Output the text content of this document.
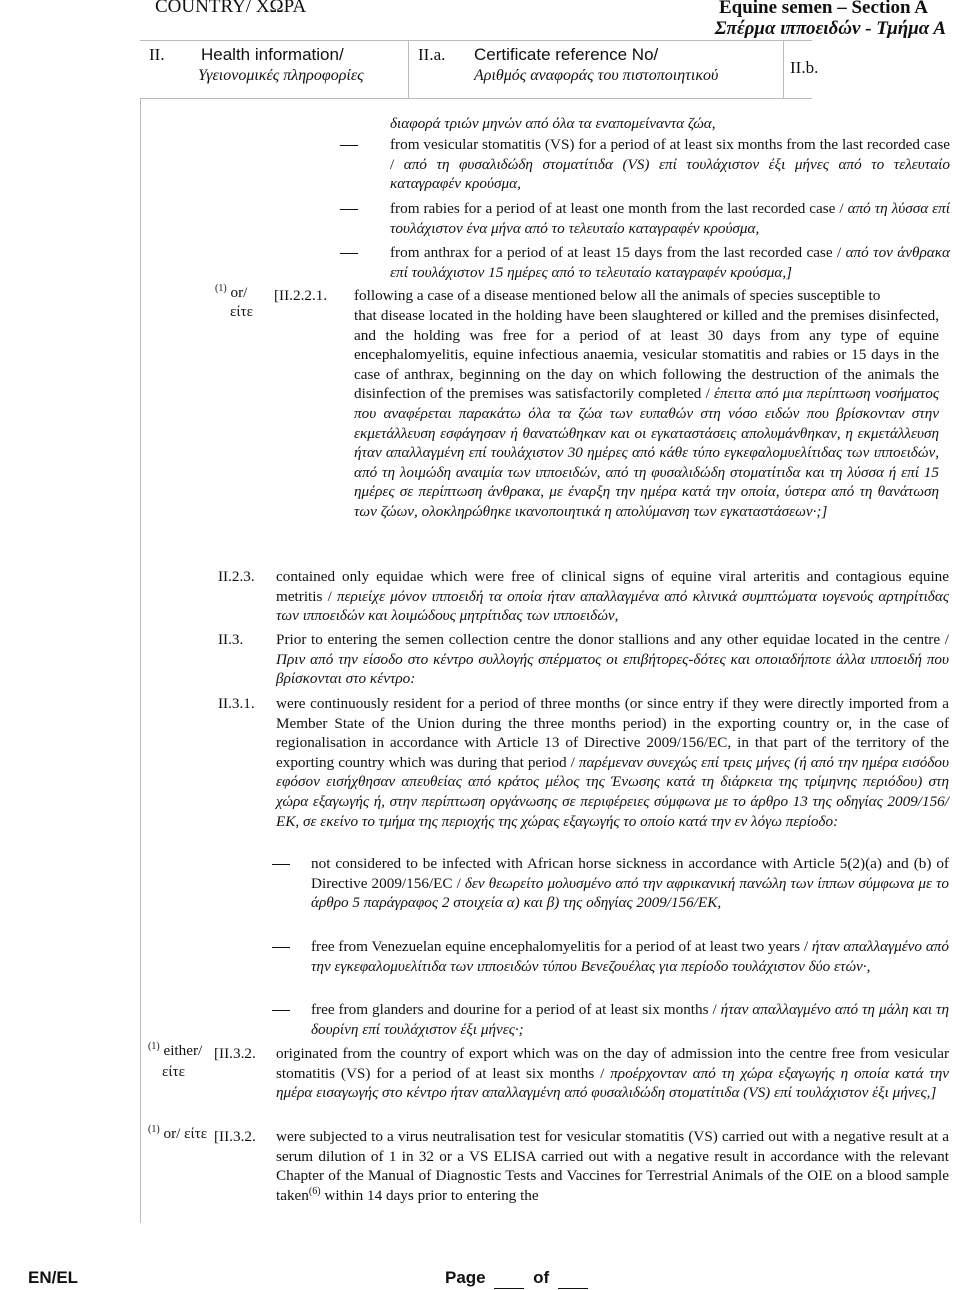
COUNTRY/ ΧΩΡΑ	Equine semen – Section A
Σπέρμα ιπποειδών - Τμήμα Α
II. Health information/
Υγειονομικές πληροφορίες
II.a. Certificate reference No/
Αριθμός αναφοράς του πιστοποιητικού	II.b.
διαφορά τριών μηνών από όλα τα εναπομείναντα ζώα,
from vesicular stomatitis (VS) for a period of at least six months from the last recorded case / από τη φυσαλιδώδη στοματίτιδα (VS) επί τουλάχιστον έξι μήνες από το τελευταίο καταγραφέν κρούσμα,
from rabies for a period of at least one month from the last recorded case / από τη λύσσα επί τουλάχιστον ένα μήνα από το τελευταίο καταγραφέν κρούσμα,
from anthrax for a period of at least 15 days from the last recorded case / από τον άνθρακα επί τουλάχιστον 15 ημέρες από το τελευταίο καταγραφέν κρούσμα,]
$^{(1)}$ or/
είτε
[II.2.2.1. following a case of a disease mentioned below all the animals of species susceptible to
that disease located in the holding have been slaughtered or killed and the premises disinfected, and the holding was free for a period of at least 30 days from any type of equine encephalomyelitis, equine infectious anaemia, vesicular stomatitis and rabies or 15 days in the case of anthrax, beginning on the day on which following the destruction of the animals the disinfection of the premises was satisfactorily completed / έπειτα από μια περίπτωση νοσήματος που αναφέρεται παρακάτω όλα τα ζώα των ευπαθών στη νόσο ειδών που βρίσκονταν στην εκμετάλλευση εσφάγησαν ή θανατώθηκαν και οι εγκαταστάσεις απολυμάνθηκαν, η εκμετάλλευση ήταν απαλλαγμένη επί τουλάχιστον 30 ημέρες από κάθε τύπο εγκεφαλομυελίτιδας των ιπποειδών, από τη λοιμώδη αναιμία των ιπποειδών, από τη φυσαλιδώδη στοματίτιδα και τη λύσσα ή επί 15 ημέρες σε περίπτωση άνθρακα, με έναρξη την ημέρα κατά την οποία, ύστερα από τη θανάτωση των ζώων, ολοκληρώθηκε ικανοποιητικά η απολύμανση των εγκαταστάσεων·;]
II.2.3. contained only equidae which were free of clinical signs of equine viral arteritis and contagious equine metritis / περιείχε μόνον ιπποειδή τα οποία ήταν απαλλαγμένα από κλινικά συμπτώματα ιογενούς αρτηρίτιδας των ιπποειδών και λοιμώδους μητρίτιδας των ιπποειδών,
II.3. Prior to entering the semen collection centre the donor stallions and any other equidae located in the centre / Πριν από την είσοδο στο κέντρο συλλογής σπέρματος οι επιβήτορες-δότες και οποιαδήποτε άλλα ιπποειδή που βρίσκονται στο κέντρο:
II.3.1. were continuously resident for a period of three months (or since entry if they were directly imported from a Member State of the Union during the three months period) in the exporting country or, in the case of regionalisation in accordance with Article 13 of Directive 2009/156/EC, in that part of the territory of the exporting country which was during that period / παρέμεναν συνεχώς επί τρεις μήνες (ή από την ημέρα εισόδου εφόσον εισήχθησαν απευθείας από κράτος μέλος της Ένωσης κατά τη διάρκεια της τρίμηνης περιόδου) στη χώρα εξαγωγής ή, στην περίπτωση οργάνωσης σε περιφέρειες σύμφωνα με το άρθρο 13 της οδηγίας 2009/156/ΕΚ, σε εκείνο το τμήμα της περιοχής της χώρας εξαγωγής το οποίο κατά την εν λόγω περίοδο:
not considered to be infected with African horse sickness in accordance with Article 5(2)(a) and (b) of Directive 2009/156/EC / δεν θεωρείτο μολυσμένο από την αφρικανική πανώλη των ίππων σύμφωνα με το άρθρο 5 παράγραφος 2 στοιχεία α) και β) της οδηγίας 2009/156/ΕΚ,
free from Venezuelan equine encephalomyelitis for a period of at least two years / ήταν απαλλαγμένο από την εγκεφαλομυελίτιδα των ιπποειδών τύπου Βενεζουέλας για περίοδο τουλάχιστον δύο ετών·,
free from glanders and dourine for a period of at least six months / ήταν απαλλαγμένο από τη μάλη και τη δουρίνη επί τουλάχιστον έξι μήνες·;
$^{(1)}$ either/
είτε
[II.3.2. originated from the country of export which was on the day of admission into the centre free from vesicular stomatitis (VS) for a period of at least six months / προέρχονταν από τη χώρα εξαγωγής η οποία κατά την ημέρα εισαγωγής στο κέντρο ήταν απαλλαγμένη από φυσαλιδώδη στοματίτιδα (VS) επί τουλάχιστον έξι μήνες,]
$^{(1)}$ or/ είτε [II.3.2. were subjected to a virus neutralisation test for vesicular stomatitis (VS) carried out with a negative result at a serum dilution of 1 in 32 or a VS ELISA carried out with a negative result in accordance with the relevant Chapter of the Manual of Diagnostic Tests and Vaccines for Terrestrial Animals of the OIE on a blood sample taken$^{(6)}$ within 14 days prior to entering the
EN/EL	Page	of
